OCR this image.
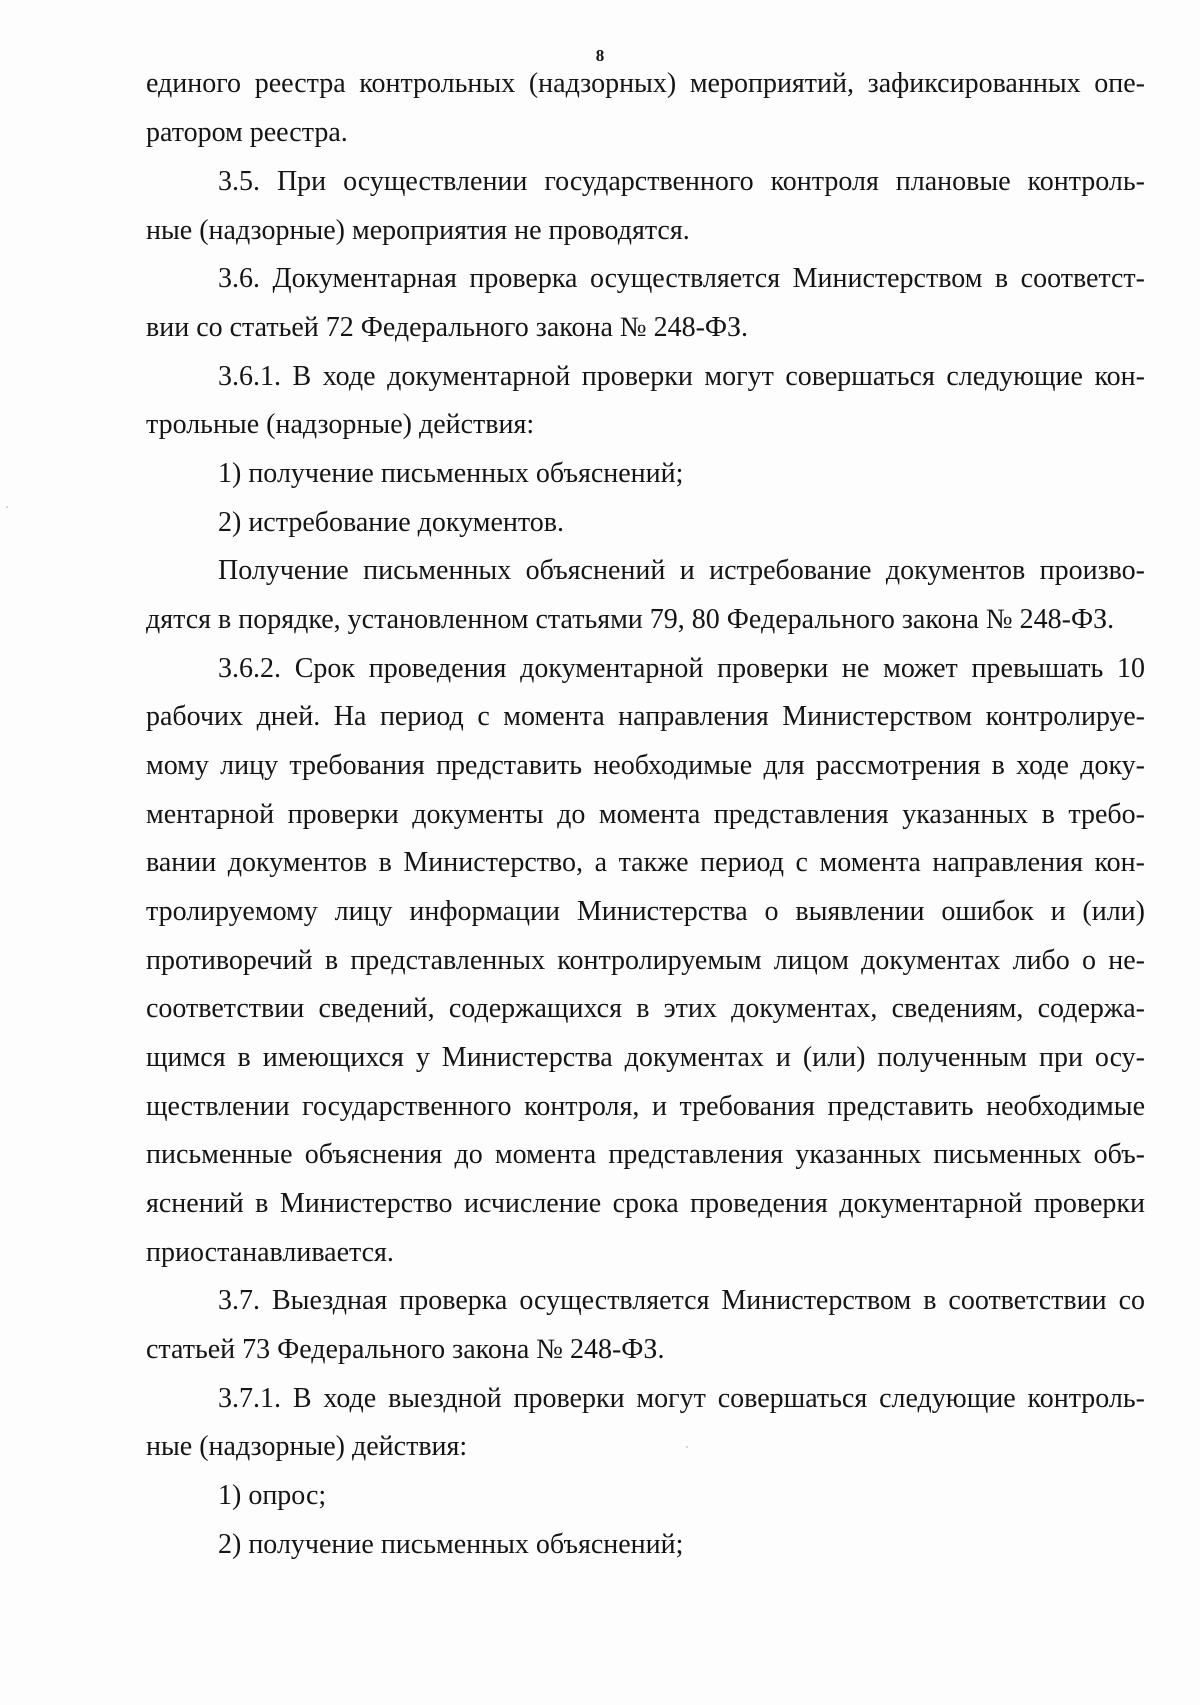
8
единого реестра контрольных (надзорных) мероприятий, зафиксированных опе-
ратором реестра.
3.5. При осуществлении государственного контроля плановые контроль-
ные (надзорные) мероприятия не проводятся.
3.6. Документарная проверка осуществляется Министерством в соответст-
вии со статьей 72 Федерального закона № 248-ФЗ.
3.6.1. В ходе документарной проверки могут совершаться следующие кон-
трольные (надзорные) действия:
1) получение письменных объяснений;
2) истребование документов.
Получение письменных объяснений и истребование документов произво-
дятся в порядке, установленном статьями 79, 80 Федерального закона № 248-ФЗ.
3.6.2. Срок проведения документарной проверки не может превышать 10
рабочих дней. На период с момента направления Министерством контролируе-
мому лицу требования представить необходимые для рассмотрения в ходе доку-
ментарной проверки документы до момента представления указанных в требо-
вании документов в Министерство, а также период с момента направления кон-
тролируемому лицу информации Министерства о выявлении ошибок и (или)
противоречий в представленных контролируемым лицом документах либо о не-
соответствии сведений, содержащихся в этих документах, сведениям, содержа-
щимся в имеющихся у Министерства документах и (или) полученным при осу-
ществлении государственного контроля, и требования представить необходимые
письменные объяснения до момента представления указанных письменных объ-
яснений в Министерство исчисление срока проведения документарной проверки
приостанавливается.
3.7. Выездная проверка осуществляется Министерством в соответствии со
статьей 73 Федерального закона № 248-ФЗ.
3.7.1. В ходе выездной проверки могут совершаться следующие контроль-
ные (надзорные) действия:
1) опрос;
2) получение письменных объяснений;
